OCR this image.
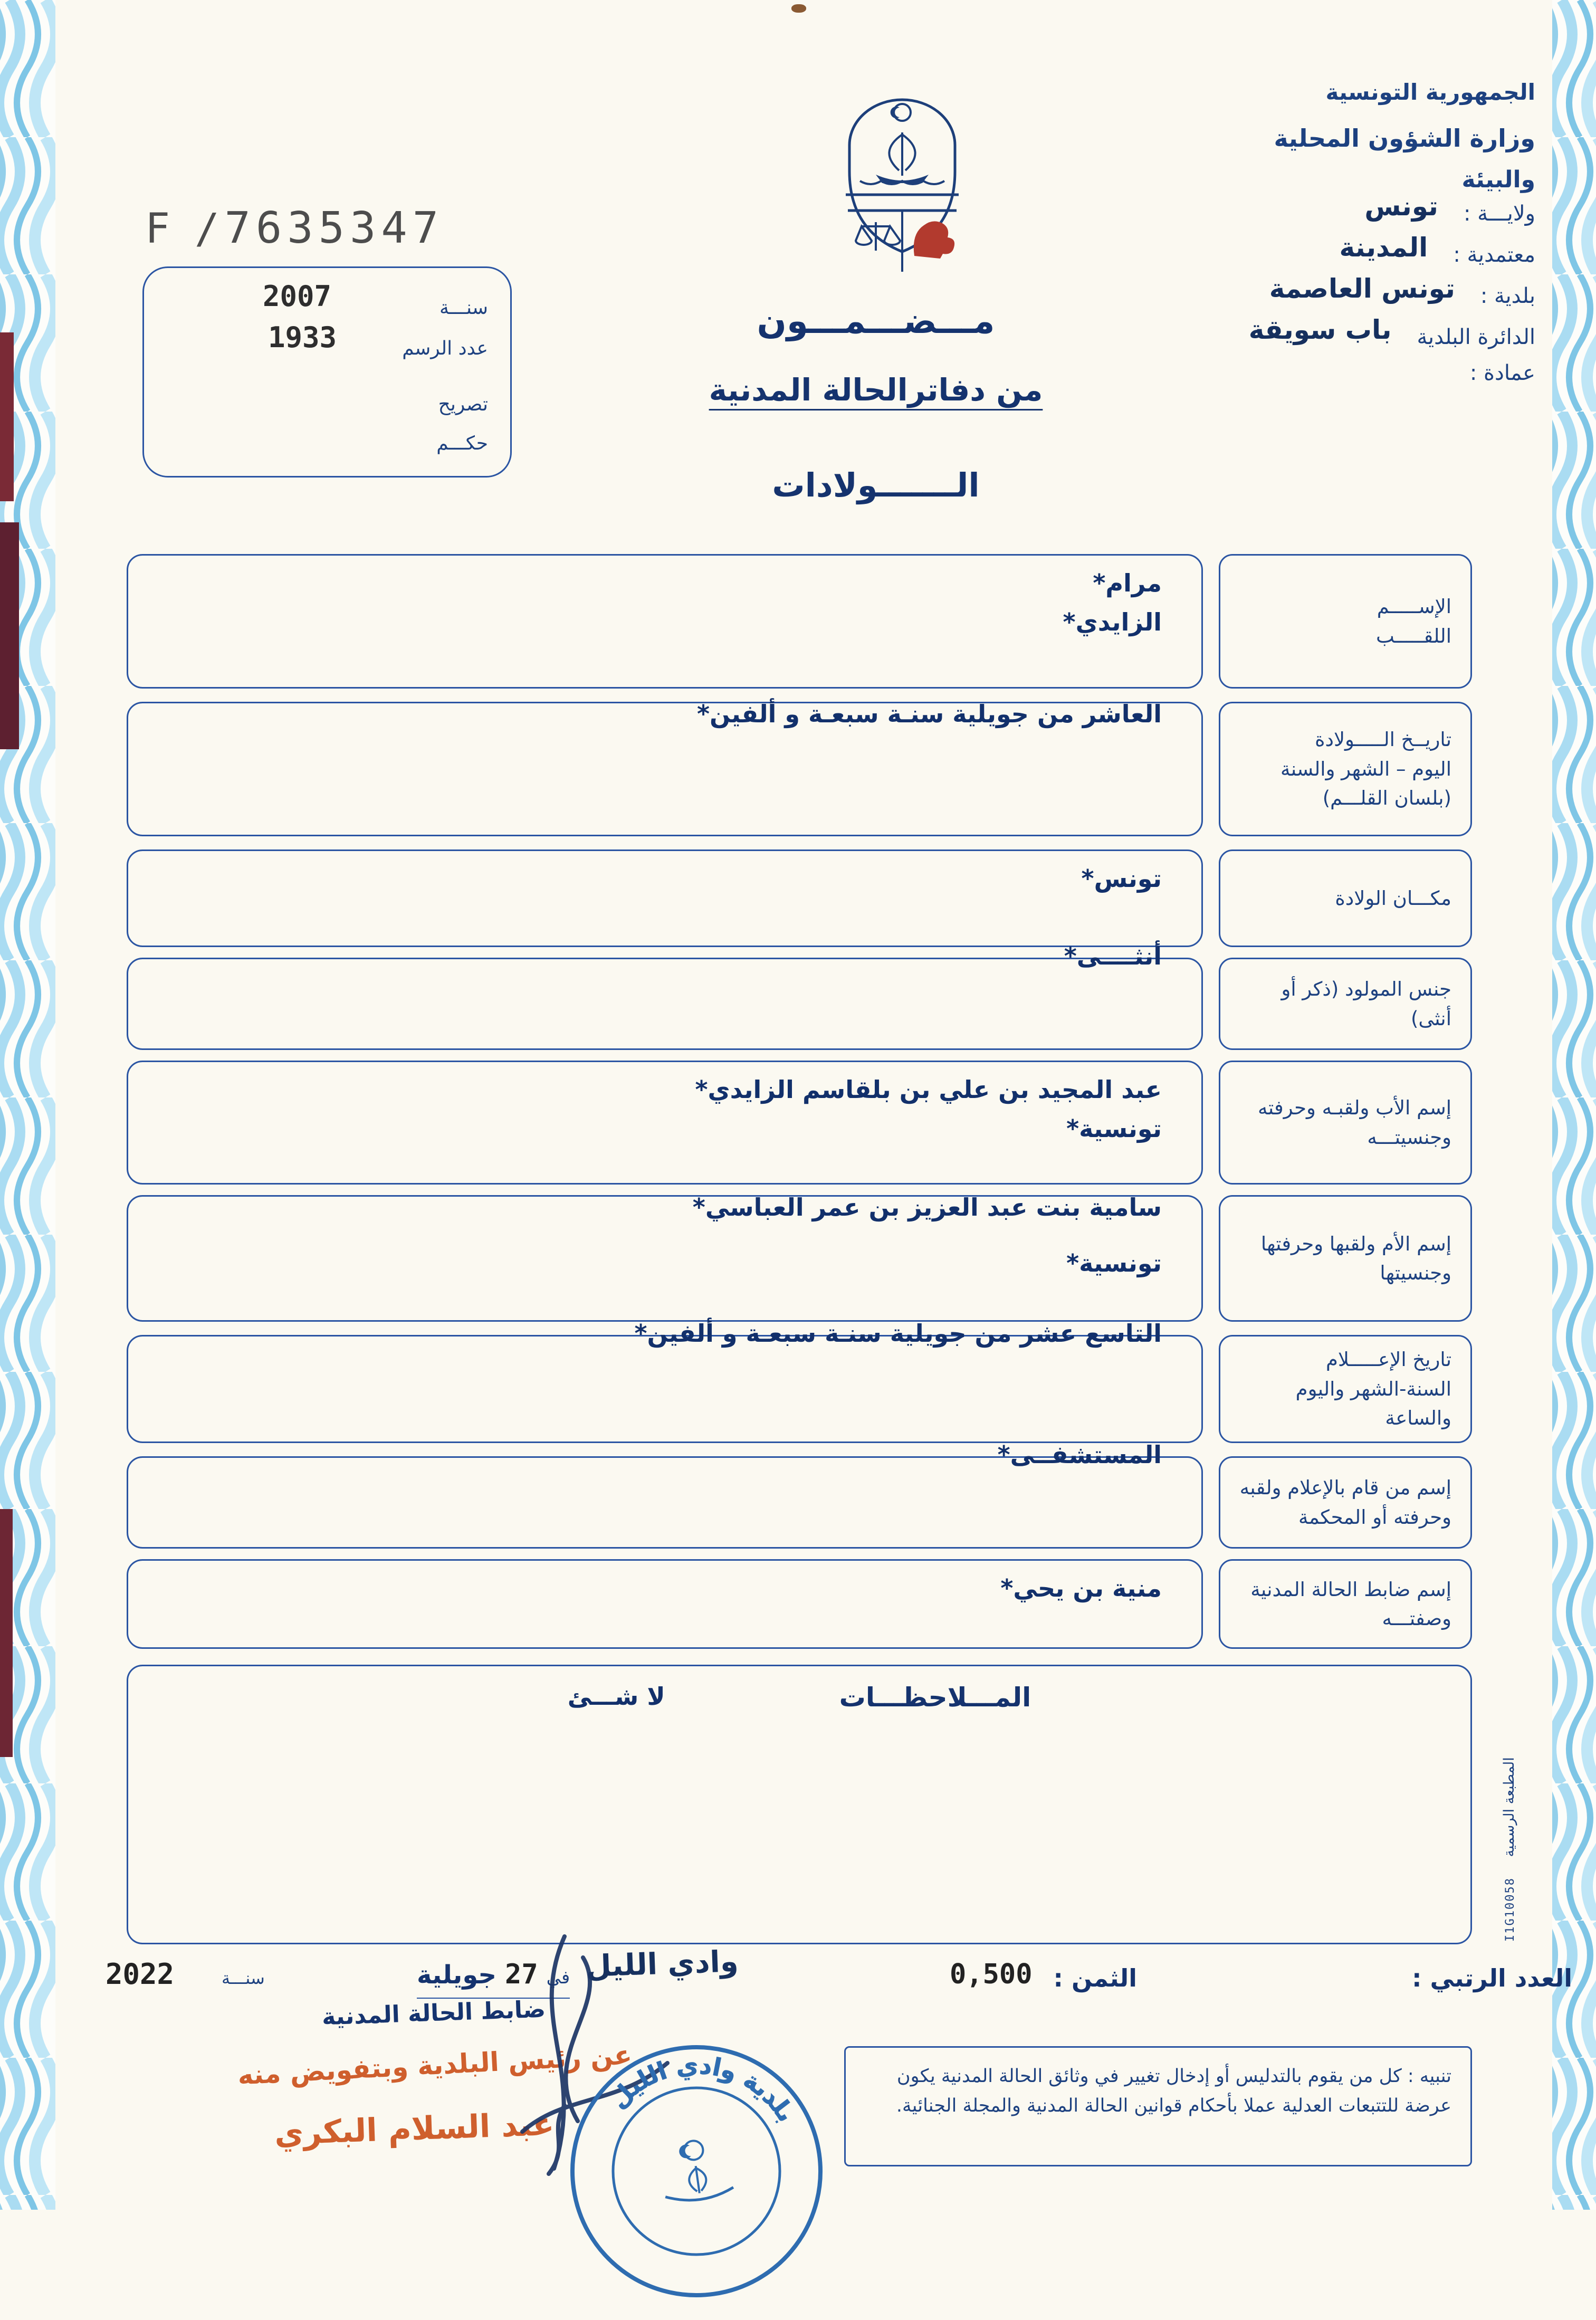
الجمهورية التونسية
وزارة الشؤون المحلية
والبيئة
ولايـــة :
تونس
معتمدية :
المدينة
بلدية :
تونس العاصمة
الدائرة البلدية
باب سويقة
عمادة :
F / 7635347
2007
1933
سنـــة
عدد الرسم
تصريح
حكـــم
مـــضـــمـــون
من دفاترالحالة المدنية
الـــــــولادات
مرام*
الزايدي*
الإســـــم
اللقـــــب
العاشر من جويلية سنـة سبعـة و ألفين*
تاريــخ الـــــولادة
اليوم – الشهر والسنة
(بلسان القلـــم)
تونس*
مكـــان الولادة
أنثــــى*
جنس المولود (ذكر أو أنثى)
عبد المجيد بن علي بن بلقاسم الزايدي*
تونسية*
إسم الأب ولقبـه وحرفته
وجنسيتـــه
سامية بنت عبد العزيز بن عمر العباسي*
تونسية*
إسم الأم ولقبها وحرفتها
وجنسيتها
التاسع عشر من جويلية سنـة سبعـة و ألفين*
تاريخ الإعـــــلام
السنة-الشهر واليوم والساعة
المستشفــى*
إسم من قام بالإعلام ولقبه
وحرفته أو المحكمة
منية بن يحي*	إسم ضابط الحالة المدنية
وصفتـــه
المـــلاحظـــات
لا شـــئ
العدد الرتبي :
الثمن :
0,500
وادي الليل
في
27
جويلية
سنـــة
2022
ضابط الحالة المدنية
عن رئيس البلدية وبتفويض منه
عبد السلام البكري
بلدية وادي الليل
تنبيه : كل من يقوم بالتدليس أو إدخال تغيير في وثائق الحالة المدنية يكون عرضة للتتبعات العدلية عملا بأحكام قوانين الحالة المدنية والمجلة الجنائية.
المطبعة الرسمية I1G10058
